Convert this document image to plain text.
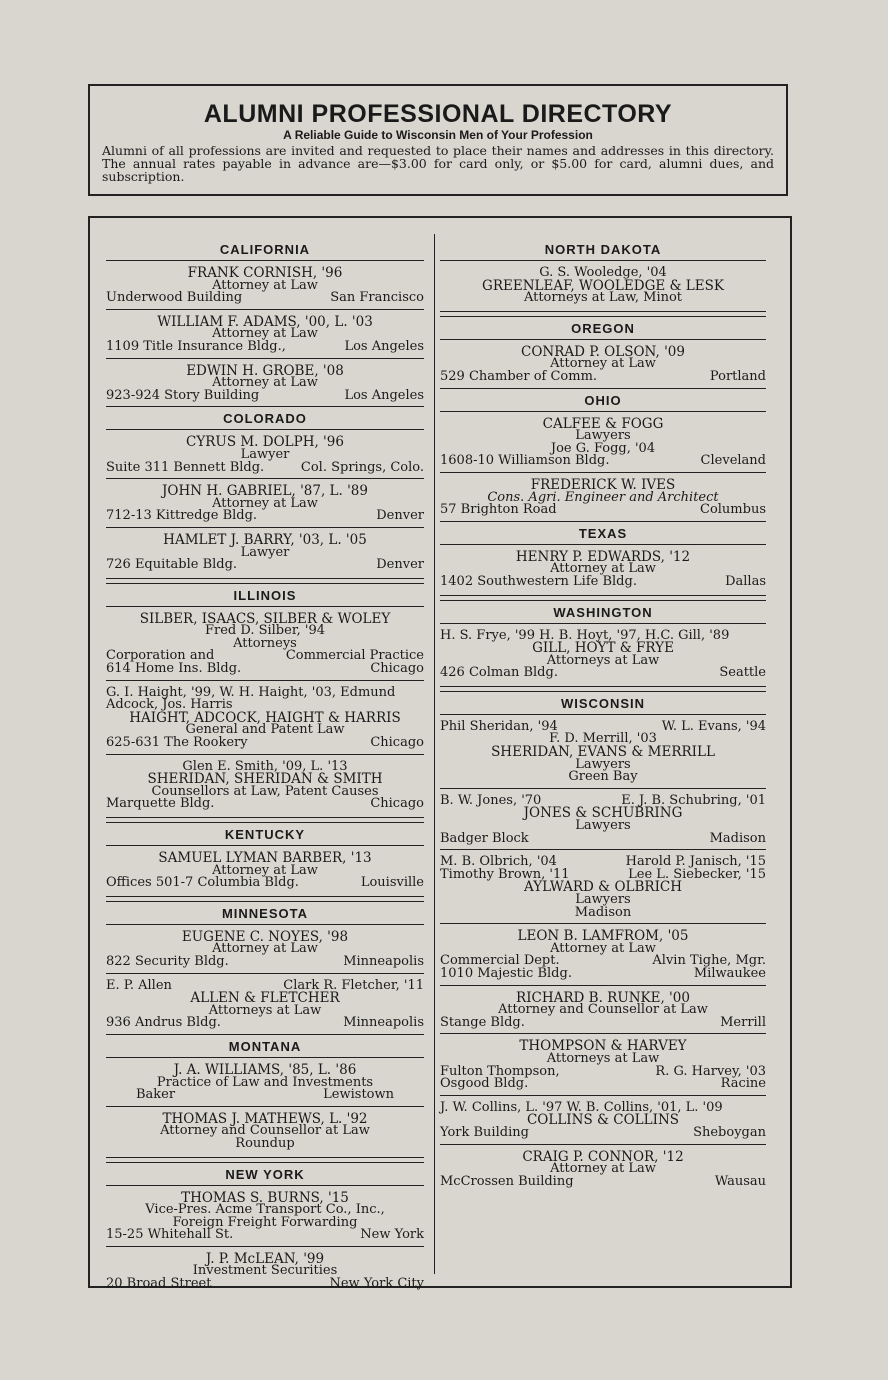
ALUMNI PROFESSIONAL DIRECTORY
A Reliable Guide to Wisconsin Men of Your Profession
Alumni of all professions are invited and requested to place their names and addresses in this directory. The annual rates payable in advance are—$3.00 for card only, or $5.00 for card, alumni dues, and subscription.
CALIFORNIA
FRANK CORNISH, '96
Attorney at Law
Underwood Building	San Francisco
WILLIAM F. ADAMS, '00, L. '03
Attorney at Law
1109 Title Insurance Bldg.,	Los Angeles
EDWIN H. GROBE, '08
Attorney at Law
923-924 Story Building	Los Angeles
COLORADO
CYRUS M. DOLPH, '96
Lawyer
Suite 311 Bennett Bldg.	Col. Springs, Colo.
JOHN H. GABRIEL, '87, L. '89
Attorney at Law
712-13 Kittredge Bldg.	Denver
HAMLET J. BARRY, '03, L. '05
Lawyer
726 Equitable Bldg.	Denver
ILLINOIS
SILBER, ISAACS, SILBER & WOLEY
Fred D. Silber, '94
Attorneys
Corporation and	Commercial Practice
614 Home Ins. Bldg.	Chicago
G. I. Haight, '99, W. H. Haight, '03, Edmund Adcock, Jos. Harris
HAIGHT, ADCOCK, HAIGHT & HARRIS
General and Patent Law
625-631 The Rookery	Chicago
Glen E. Smith, '09, L. '13
SHERIDAN, SHERIDAN & SMITH
Counsellors at Law, Patent Causes
Marquette Bldg.	Chicago
KENTUCKY
SAMUEL LYMAN BARBER, '13
Attorney at Law
Offices 501-7 Columbia Bldg.	Louisville
MINNESOTA
EUGENE C. NOYES, '98
Attorney at Law
822 Security Bldg.	Minneapolis
E. P. Allen	Clark R. Fletcher, '11
ALLEN & FLETCHER
Attorneys at Law
936 Andrus Bldg.	Minneapolis
MONTANA
J. A. WILLIAMS, '85, L. '86
Practice of Law and Investments
Baker	Lewistown
THOMAS J. MATHEWS, L. '92
Attorney and Counsellor at Law
Roundup
NEW YORK
THOMAS S. BURNS, '15
Vice-Pres. Acme Transport Co., Inc.,
Foreign Freight Forwarding
15-25 Whitehall St.	New York
J. P. McLEAN, '99
Investment Securities
20 Broad Street	New York City
NORTH DAKOTA
G. S. Wooledge, '04
GREENLEAF, WOOLEDGE & LESK
Attorneys at Law, Minot
OREGON
CONRAD P. OLSON, '09
Attorney at Law
529 Chamber of Comm.	Portland
OHIO
CALFEE & FOGG
Lawyers
Joe G. Fogg, '04
1608-10 Williamson Bldg.	Cleveland
FREDERICK W. IVES
Cons. Agri. Engineer and Architect
57 Brighton Road	Columbus
TEXAS
HENRY P. EDWARDS, '12
Attorney at Law
1402 Southwestern Life Bldg.	Dallas
WASHINGTON
H. S. Frye, '99 H. B. Hoyt, '97, H.C. Gill, '89
GILL, HOYT & FRYE
Attorneys at Law
426 Colman Bldg.	Seattle
WISCONSIN
Phil Sheridan, '94	W. L. Evans, '94
F. D. Merrill, '03
SHERIDAN, EVANS & MERRILL
Lawyers
Green Bay
B. W. Jones, '70	E. J. B. Schubring, '01
JONES & SCHUBRING
Lawyers
Badger Block	Madison
M. B. Olbrich, '04	Harold P. Janisch, '15
Timothy Brown, '11	Lee L. Siebecker, '15
AYLWARD & OLBRICH
Lawyers
Madison
LEON B. LAMFROM, '05
Attorney at Law
Commercial Dept.	Alvin Tighe, Mgr.
1010 Majestic Bldg.	Milwaukee
RICHARD B. RUNKE, '00
Attorney and Counsellor at Law
Stange Bldg.	Merrill
THOMPSON & HARVEY
Attorneys at Law
Fulton Thompson,	R. G. Harvey, '03
Osgood Bldg.	Racine
J. W. Collins, L. '97 W. B. Collins, '01, L. '09
COLLINS & COLLINS
York Building	Sheboygan
CRAIG P. CONNOR, '12
Attorney at Law
McCrossen Building	Wausau
